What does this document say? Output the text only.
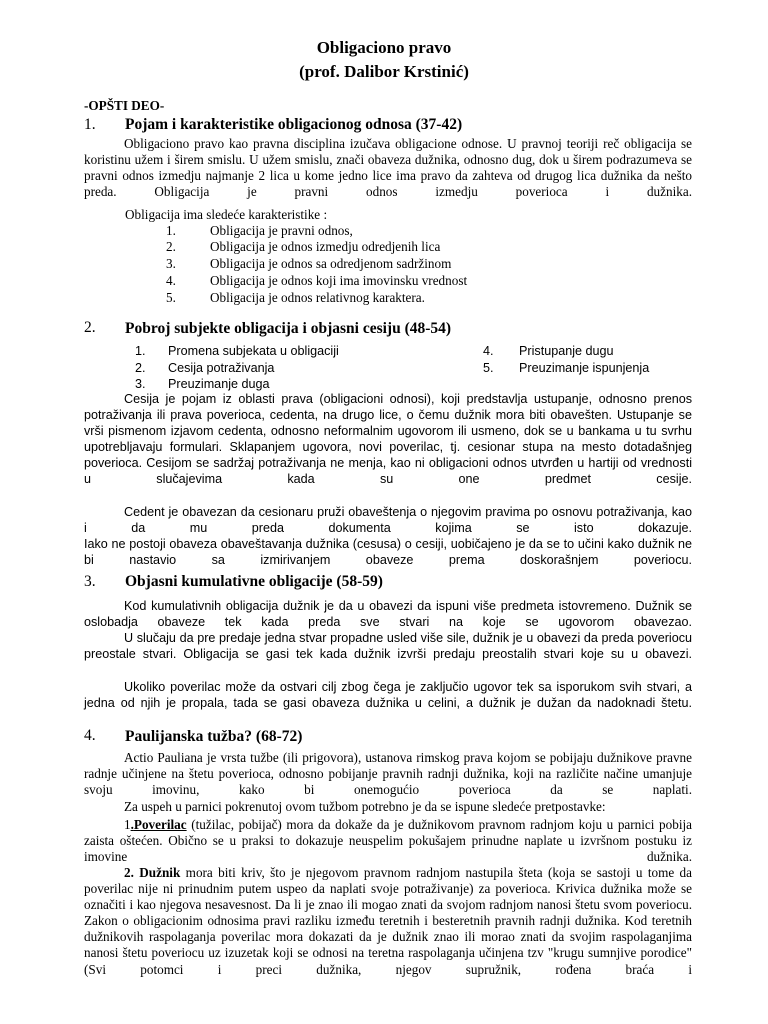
Obligaciono pravo
(prof. Dalibor Krstinić)
-OPŠTI DEO-
1. Pojam i karakteristike obligacionog odnosa (37-42)
Obligaciono pravo kao pravna disciplina izučava obligacione odnose. U pravnoj teoriji reč obligacija se koristinu užem i širem smislu. U užem smislu, znači obaveza dužnika, odnosno dug, dok u širem podrazumeva se pravni odnos izmedju najmanje 2 lica u kome jedno lice ima pravo da zahteva od drugog lica dužnika da nešto preda. Obligacija je pravni odnos izmedju poverioca i dužnika.
Obligacija ima sledeće karakteristike :
1.	Obligacija je pravni odnos,
2.	Obligacija je odnos izmedju odredjenih lica
3.	Obligacija je odnos sa odredjenom sadržinom
4.	Obligacija je odnos koji ima imovinsku vrednost
5.	Obligacija je odnos relativnog karaktera.
2. Pobroj subjekte obligacija i objasni cesiju (48-54)
1. Promena subjekata u obligaciji
2. Cesija potraživanja
3. Preuzimanje duga
4. Pristupanje dugu
5. Preuzimanje ispunjenja
Cesija je pojam iz oblasti prava (obligacioni odnosi), koji predstavlja ustupanje, odnosno prenos potraživanja ili prava poverioca, cedenta, na drugo lice, o čemu dužnik mora biti obavešten. Ustupanje se vrši pismenom izjavom cedenta, odnosno neformalnim ugovorom ili usmeno, dok se u bankama u tu svrhu upotrebljavaju formulari. Sklapanjem ugovora, novi poverilac, tj. cesionar stupa na mesto dotadašnjeg poverioca. Cesijom se sadržaj potraživanja ne menja, kao ni obligacioni odnos utvrđen u hartiji od vrednosti u slučajevima kada su one predmet cesije.
Cedent je obavezan da cesionaru pruži obaveštenja o njegovim pravima po osnovu potraživanja, kao i da mu preda dokumenta kojima se isto dokazuje.
Iako ne postoji obaveza obaveštavanja dužnika (cesusa) o cesiji, uobičajeno je da se to učini kako dužnik ne bi nastavio sa izmirivanjem obaveze prema doskorašnjem poveriocu.
3. Objasni kumulativne obligacije (58-59)
Kod kumulativnih obligacija dužnik je da u obavezi da ispuni više predmeta istovremeno. Dužnik se oslobadja obaveze tek kada preda sve stvari na koje se ugovorom obavezao.
U slučaju da pre predaje jedna stvar propadne usled više sile, dužnik je u obavezi da preda poveriocu preostale stvari. Obligacija se gasi tek kada dužnik izvrši predaju preostalih stvari koje su u obavezi.
Ukoliko poverilac može da ostvari cilj zbog čega je zaključio ugovor tek sa isporukom svih stvari, a jedna od njih je propala, tada se gasi obaveza dužnika u celini, a dužnik je dužan da nadoknadi štetu.
4. Paulijanska tužba? (68-72)
Actio Pauliana je vrsta tužbe (ili prigovora), ustanova rimskog prava kojom se pobijaju dužnikove pravne radnje učinjene na štetu poverioca, odnosno pobijanje pravnih radnji dužnika, koji na različite načine umanjuje svoju imovinu, kako bi onemogućio poverioca da se naplati.
Za uspeh u parnici pokrenutoj ovom tužbom potrebno je da se ispune sledeće pretpostavke:
1.Poverilac (tužilac, pobijač) mora da dokaže da je dužnikovom pravnom radnjom koju u parnici pobija zaista oštećen. Obično se u praksi to dokazuje neuspelim pokušajem prinudne naplate u izvršnom postuku iz imovine dužnika.
2. Dužnik mora biti kriv, što je njegovom pravnom radnjom nastupila šteta (koja se sastoji u tome da poverilac nije ni prinudnim putem uspeo da naplati svoje potraživanje) za poverioca. Krivica dužnika može se označiti i kao njegova nesavesnost. Da li je znao ili mogao znati da svojom radnjom nanosi štetu svom poveriocu. Zakon o obligacionim odnosima pravi razliku između teretnih i besteretnih pravnih radnji dužnika. Kod teretnih dužnikovih raspolaganja poverilac mora dokazati da je dužnik znao ili morao znati da svojim raspolaganjima nanosi štetu poveriocu uz izuzetak koji se odnosi na teretna raspolaganja učinjena tzv "krugu sumnjive porodice" (Svi potomci i preci dužnika, njegov supružnik, rođena braća i
